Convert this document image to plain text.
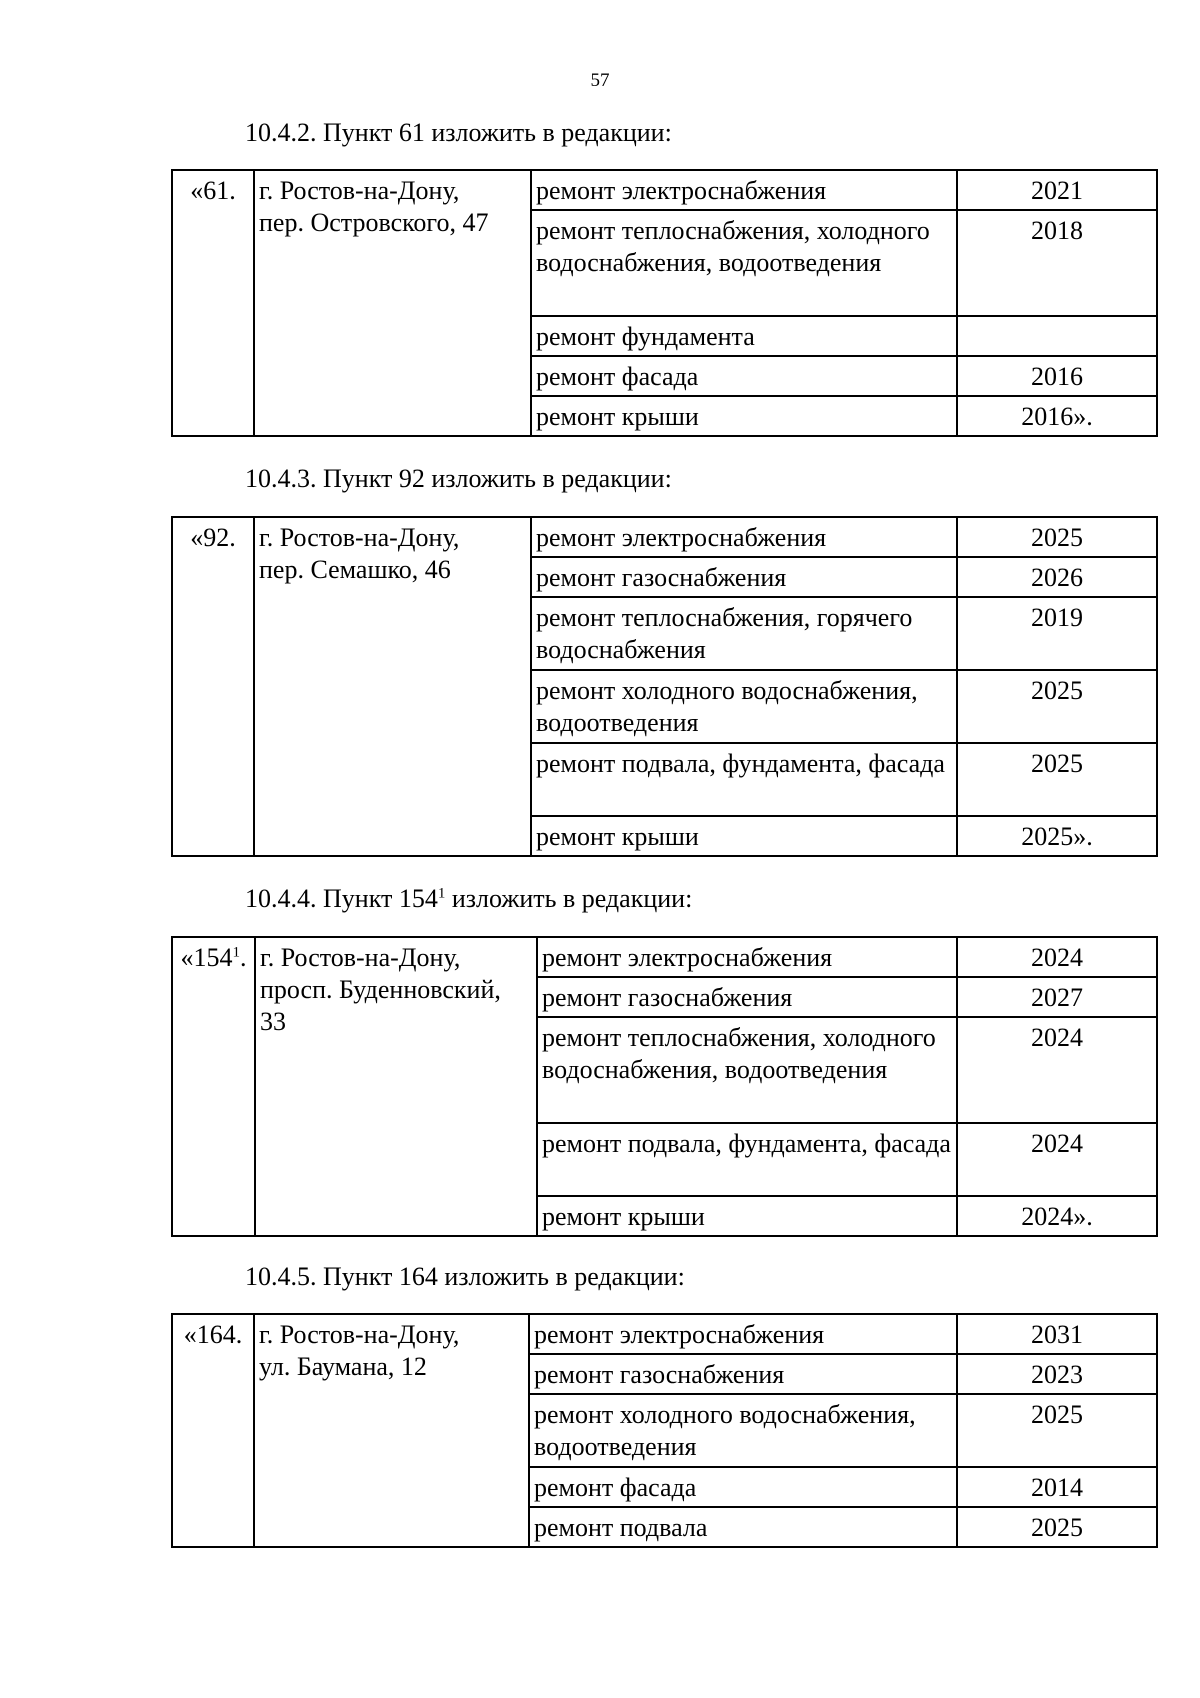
57
10.4.2. Пункт 61 изложить в редакции:
«61.	г. Ростов-на-Дону,
пер. Островского, 47	ремонт электроснабжения	2021
		ремонт теплоснабжения, холодного водоснабжения, водоотведения	2018
		ремонт фундамента	
		ремонт фасада	2016
		ремонт крыши	2016».
10.4.3. Пункт 92 изложить в редакции:
«92.	г. Ростов-на-Дону,
пер. Семашко, 46	ремонт электроснабжения	2025
		ремонт газоснабжения	2026
		ремонт теплоснабжения, горячего водоснабжения	2019
		ремонт холодного водоснабжения, водоотведения	2025
		ремонт подвала, фундамента, фасада	2025
		ремонт крыши	2025».
10.4.4. Пункт $154^1$ изложить в редакции:
«$154^1$.	г. Ростов-на-Дону,
просп. Буденновский,
33	ремонт электроснабжения	2024
		ремонт газоснабжения	2027
		ремонт теплоснабжения, холодного водоснабжения, водоотведения	2024
		ремонт подвала, фундамента, фасада	2024
		ремонт крыши	2024».
10.4.5. Пункт 164 изложить в редакции:
«164.	г. Ростов-на-Дону,
ул. Баумана, 12	ремонт электроснабжения	2031
		ремонт газоснабжения	2023
		ремонт холодного водоснабжения, водоотведения	2025
		ремонт фасада	2014
		ремонт подвала	2025
